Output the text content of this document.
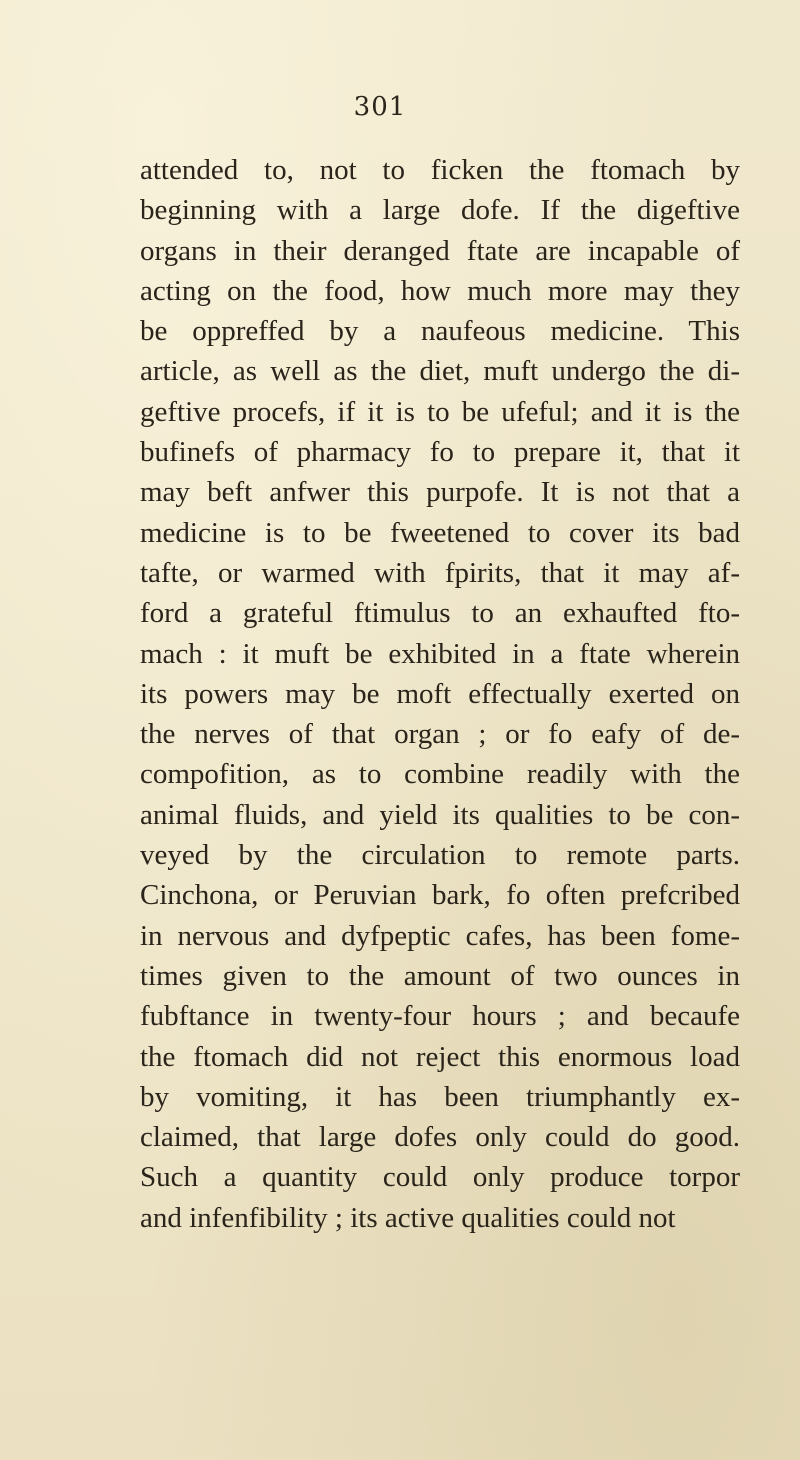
301
attended to, not to ficken the ftomach by
beginning with a large dofe. If the digeftive
organs in their deranged ftate are incapable of
acting on the food, how much more may they
be oppreffed by a naufeous medicine. This
article, as well as the diet, muft undergo the di-
geftive procefs, if it is to be ufeful; and it is the
bufinefs of pharmacy fo to prepare it, that it
may beft anfwer this purpofe. It is not that a
medicine is to be fweetened to cover its bad
tafte, or warmed with fpirits, that it may af-
ford a grateful ftimulus to an exhaufted fto-
mach : it muft be exhibited in a ftate wherein
its powers may be moft effectually exerted on
the nerves of that organ ; or fo eafy of de-
compofition, as to combine readily with the
animal fluids, and yield its qualities to be con-
veyed by the circulation to remote parts.
Cinchona, or Peruvian bark, fo often prefcribed
in nervous and dyfpeptic cafes, has been fome-
times given to the amount of two ounces in
fubftance in twenty-four hours ; and becaufe
the ftomach did not reject this enormous load
by vomiting, it has been triumphantly ex-
claimed, that large dofes only could do good.
Such a quantity could only produce torpor
and infenfibility ; its active qualities could not
